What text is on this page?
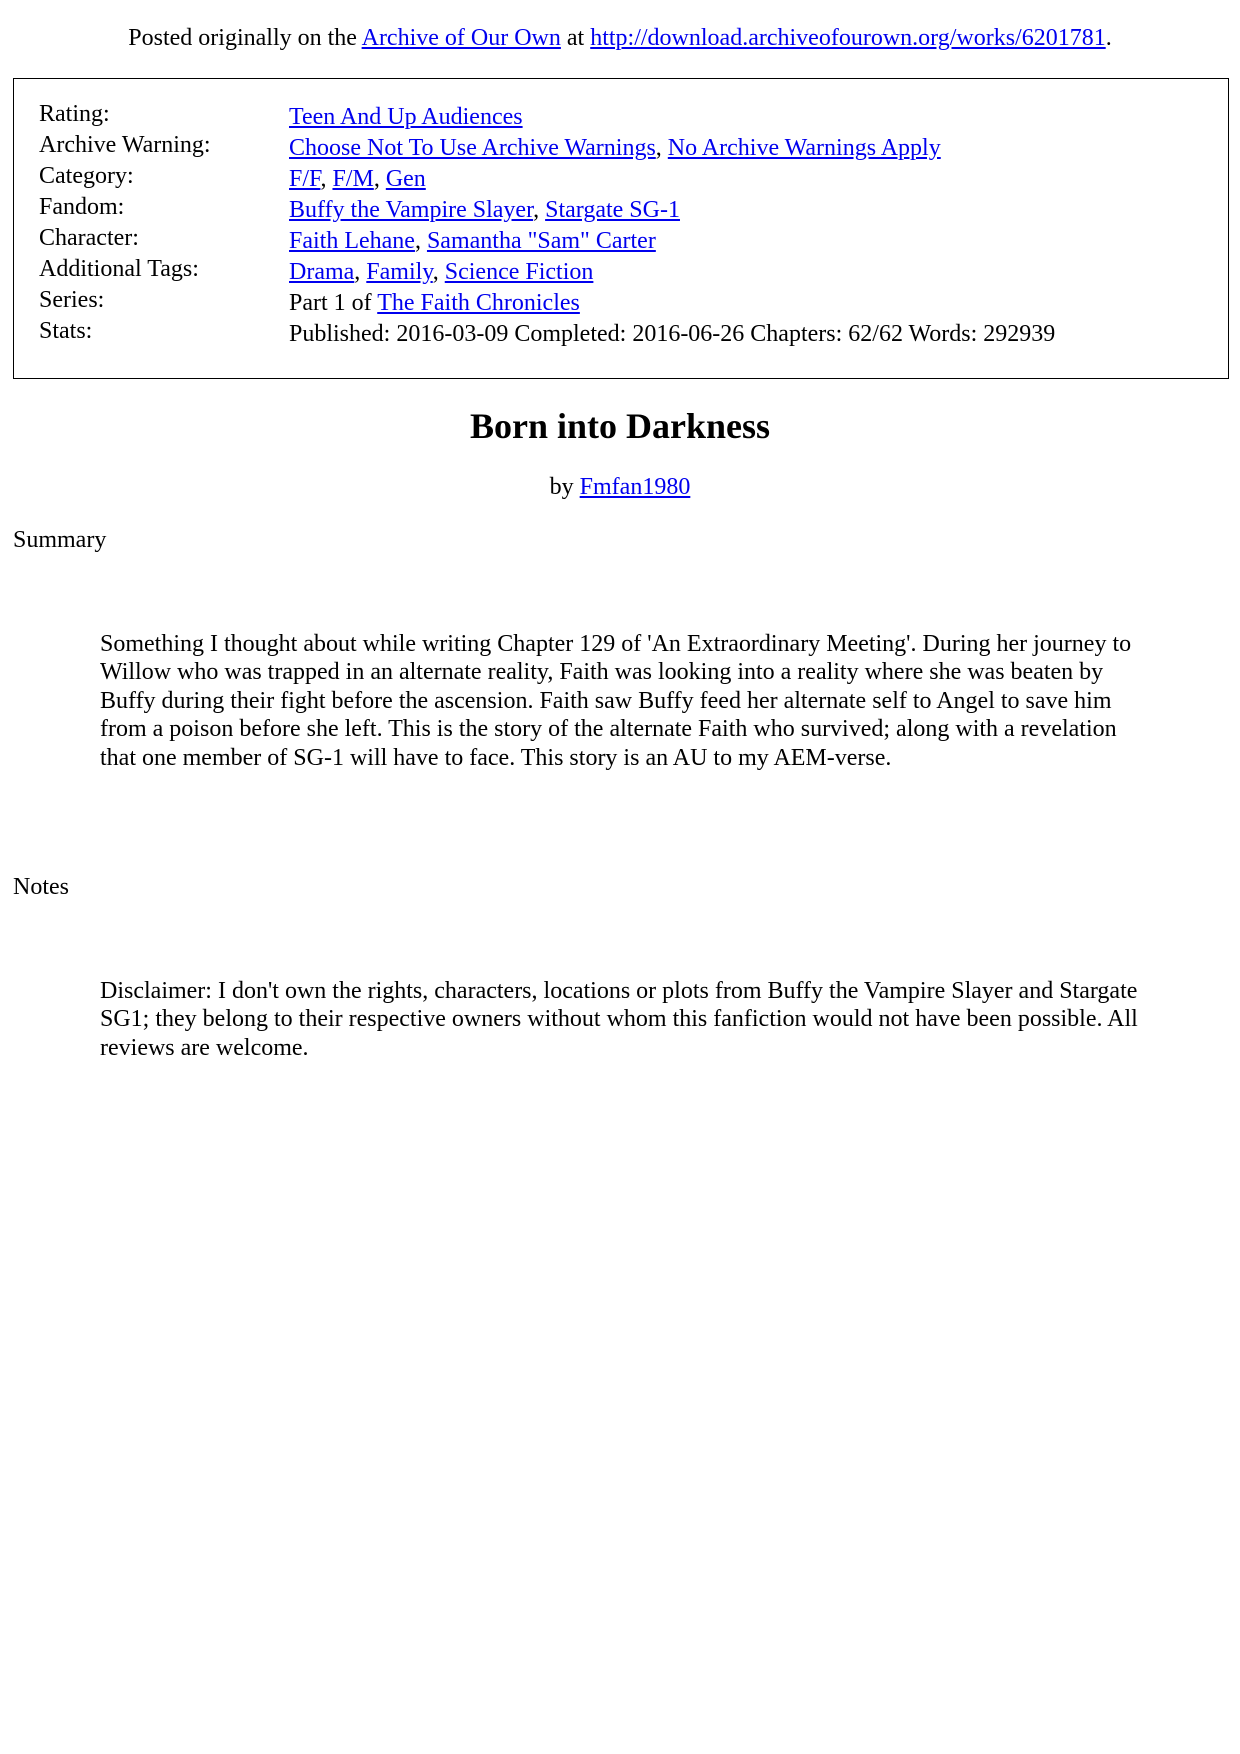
Posted originally on the Archive of Our Own at http://download.archiveofourown.org/works/6201781.
Rating:	Teen And Up Audiences
Archive Warning:	Choose Not To Use Archive Warnings, No Archive Warnings Apply
Category:	F/F, F/M, Gen
Fandom:	Buffy the Vampire Slayer, Stargate SG-1
Character:	Faith Lehane, Samantha "Sam" Carter
Additional Tags:	Drama, Family, Science Fiction
Series:	Part 1 of The Faith Chronicles
Stats:	Published: 2016-03-09 Completed: 2016-06-26 Chapters: 62/62 Words: 292939
Born into Darkness
by Fmfan1980
Summary
Something I thought about while writing Chapter 129 of 'An Extraordinary Meeting'. During her journey to Willow who was trapped in an alternate reality, Faith was looking into a reality where she was beaten by Buffy during their fight before the ascension. Faith saw Buffy feed her alternate self to Angel to save him from a poison before she left. This is the story of the alternate Faith who survived; along with a revelation that one member of SG-1 will have to face. This story is an AU to my AEM-verse.
Notes
Disclaimer: I don't own the rights, characters, locations or plots from Buffy the Vampire Slayer and Stargate SG1; they belong to their respective owners without whom this fanfiction would not have been possible. All reviews are welcome.
